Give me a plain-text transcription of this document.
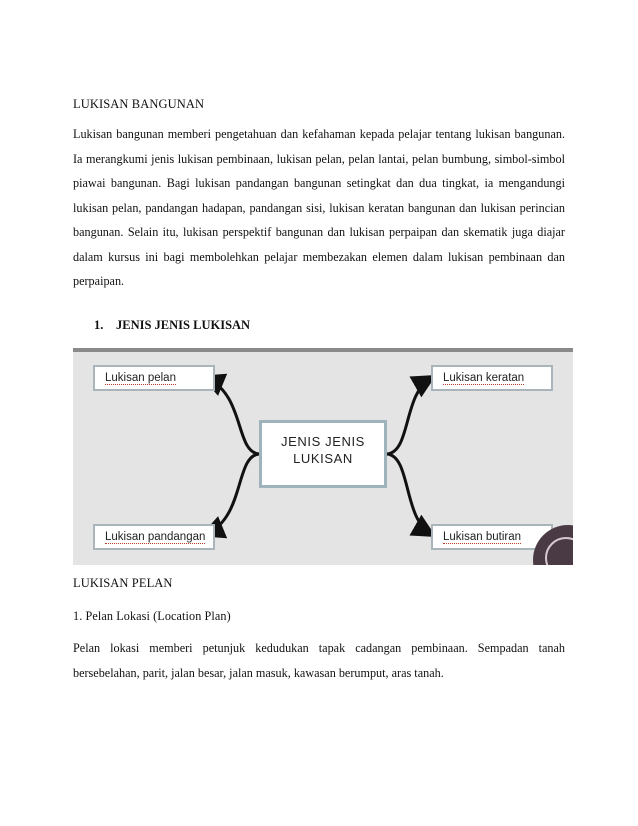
LUKISAN BANGUNAN

Lukisan bangunan memberi pengetahuan dan kefahaman kepada pelajar tentang lukisan bangunan. Ia merangkumi jenis lukisan pembinaan, lukisan pelan, pelan lantai, pelan bumbung, simbol-simbol piawai bangunan. Bagi lukisan pandangan bangunan setingkat dan dua tingkat, ia mengandungi lukisan pelan, pandangan hadapan, pandangan sisi, lukisan keratan bangunan dan lukisan perincian bangunan. Selain itu, lukisan perspektif bangunan dan lukisan perpaipan dan skematik juga diajar dalam kursus ini bagi membolehkan pelajar membezakan elemen dalam lukisan pembinaan dan perpaipan.

1. JENIS JENIS LUKISAN
Lukisan pelan	Lukisan keratan
Lukisan pandangan	Lukisan butiran
JENIS JENIS
LUKISAN
LUKISAN PELAN
1. Pelan Lokasi (Location Plan)

Pelan lokasi memberi petunjuk kedudukan tapak cadangan pembinaan. Sempadan tanah bersebelahan, parit, jalan besar, jalan masuk, kawasan berumput, aras tanah.
